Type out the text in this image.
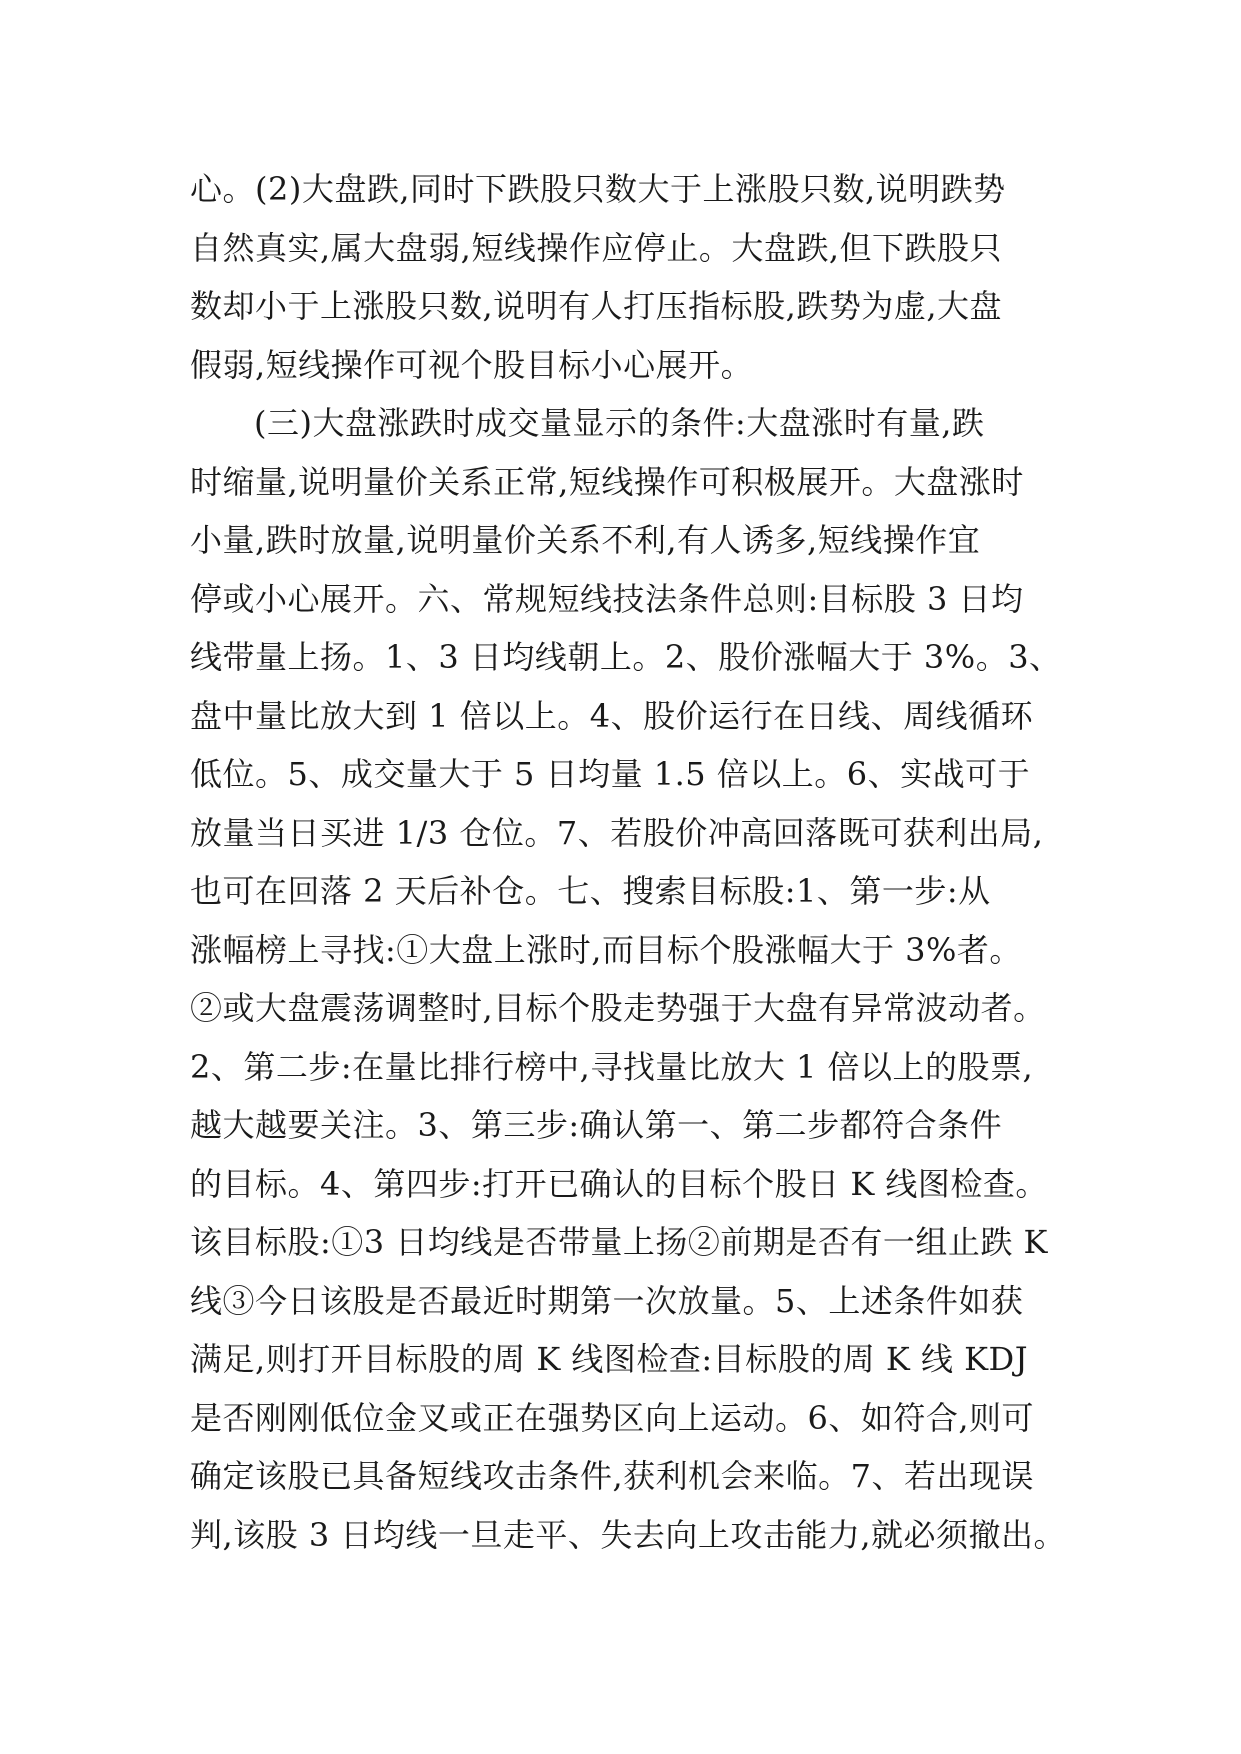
心。(2)大盘跌,同时下跌股只数大于上涨股只数,说明跌势
自然真实,属大盘弱,短线操作应停止。大盘跌,但下跌股只
数却小于上涨股只数,说明有人打压指标股,跌势为虚,大盘
假弱,短线操作可视个股目标小心展开。
(三)大盘涨跌时成交量显示的条件:大盘涨时有量,跌
时缩量,说明量价关系正常,短线操作可积极展开。大盘涨时
小量,跌时放量,说明量价关系不利,有人诱多,短线操作宜
停或小心展开。六、常规短线技法条件总则:目标股 3 日均
线带量上扬。1、3 日均线朝上。2、股价涨幅大于 3%。3、
盘中量比放大到 1 倍以上。4、股价运行在日线、周线循环
低位。5、成交量大于 5 日均量 1.5 倍以上。6、实战可于
放量当日买进 1/3 仓位。7、若股价冲高回落既可获利出局,
也可在回落 2 天后补仓。七、搜索目标股:1、第一步:从
涨幅榜上寻找:①大盘上涨时,而目标个股涨幅大于 3%者。
②或大盘震荡调整时,目标个股走势强于大盘有异常波动者。
2、第二步:在量比排行榜中,寻找量比放大 1 倍以上的股票,
越大越要关注。3、第三步:确认第一、第二步都符合条件
的目标。4、第四步:打开已确认的目标个股日 K 线图检查。
该目标股:①3 日均线是否带量上扬②前期是否有一组止跌 K
线③今日该股是否最近时期第一次放量。5、上述条件如获
满足,则打开目标股的周 K 线图检查:目标股的周 K 线 KDJ
是否刚刚低位金叉或正在强势区向上运动。6、如符合,则可
确定该股已具备短线攻击条件,获利机会来临。7、若出现误
判,该股 3 日均线一旦走平、失去向上攻击能力,就必须撤出。
